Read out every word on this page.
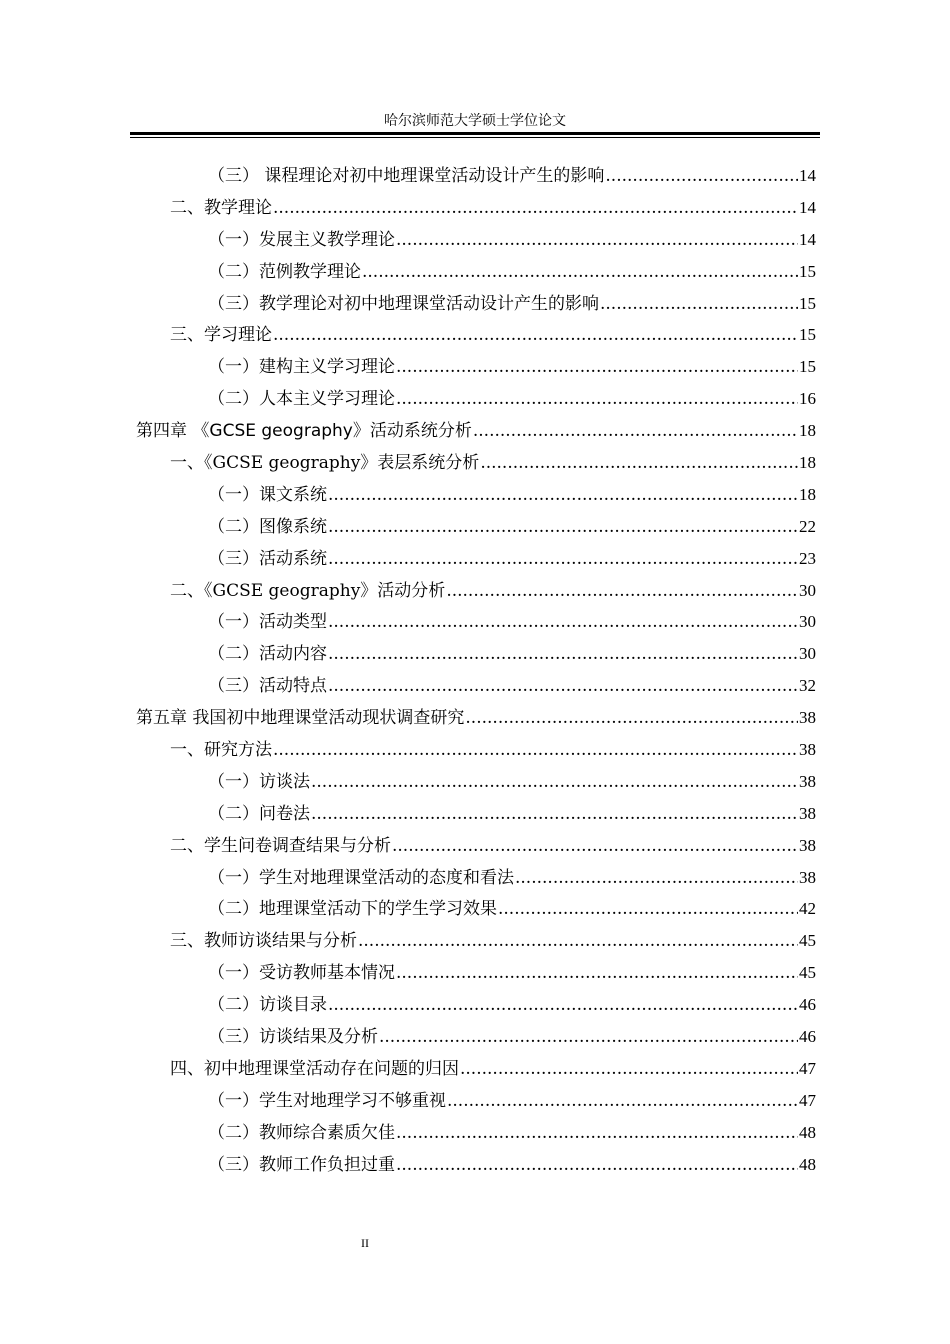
哈尔滨师范大学硕士学位论文
（三） 课程理论对初中地理课堂活动设计产生的影响 .....	14
二、教学理论 .....	14
（一）发展主义教学理论 .....	14
（二）范例教学理论 .....	15
（三）教学理论对初中地理课堂活动设计产生的影响 .....	15
三、学习理论 .....	15
（一）建构主义学习理论 .....	15
（二）人本主义学习理论 .....	16
第四章 《GCSE geography》活动系统分析 .....	18
一、《GCSE geography》表层系统分析 .....	18
（一）课文系统 .....	18
（二）图像系统 .....	22
（三）活动系统 .....	23
二、《GCSE geography》活动分析 .....	30
（一）活动类型 .....	30
（二）活动内容 .....	30
（三）活动特点 .....	32
第五章 我国初中地理课堂活动现状调查研究 .....	38
一、研究方法 .....	38
（一）访谈法 .....	38
（二）问卷法 .....	38
二、学生问卷调查结果与分析 .....	38
（一）学生对地理课堂活动的态度和看法 .....	38
（二）地理课堂活动下的学生学习效果 .....	42
三、教师访谈结果与分析 .....	45
（一）受访教师基本情况 .....	45
（二）访谈目录 .....	46
（三）访谈结果及分析 .....	46
四、初中地理课堂活动存在问题的归因 .....	47
（一）学生对地理学习不够重视 .....	47
（二）教师综合素质欠佳 .....	48
（三）教师工作负担过重 .....	48
II
